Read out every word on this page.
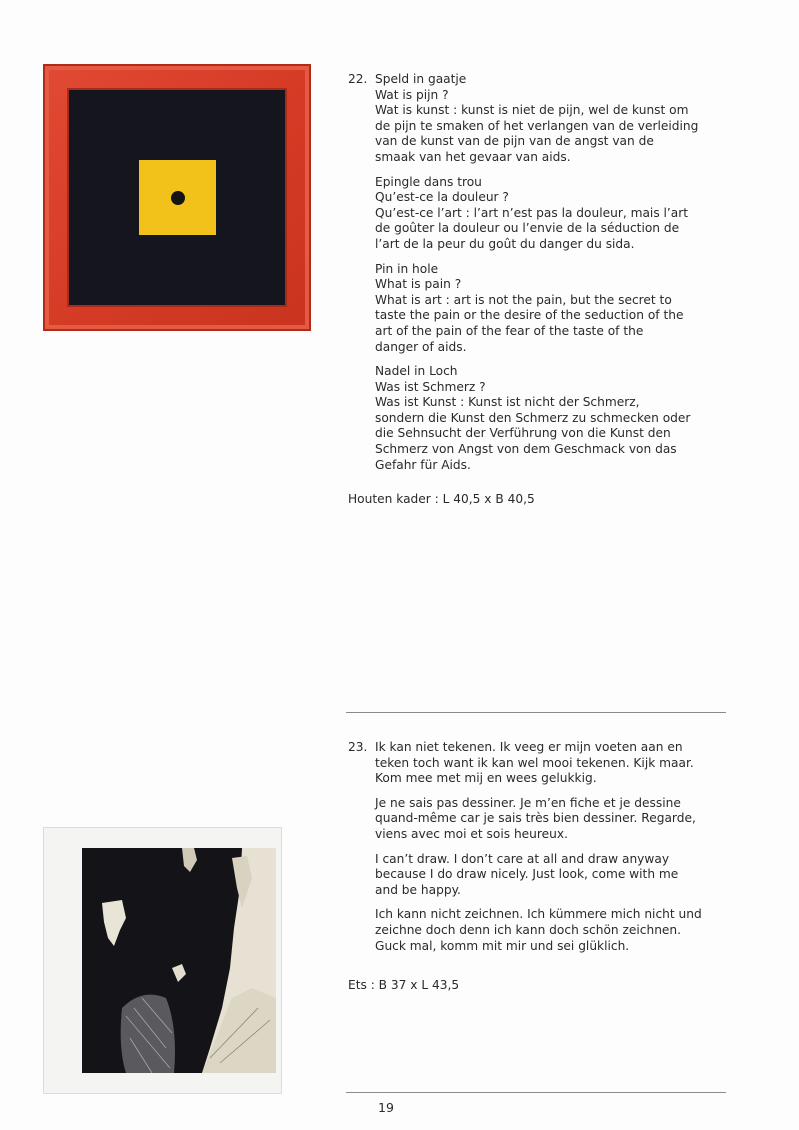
22. Speld in gaatje
Wat is pijn ?
Wat is kunst : kunst is niet de pijn, wel de kunst om
de pijn te smaken of het verlangen van de verleiding
van de kunst van de pijn van de angst van de
smaak van het gevaar van aids.
Epingle dans trou
Qu’est-ce la douleur ?
Qu’est-ce l’art : l’art n’est pas la douleur, mais l’art
de goûter la douleur ou l’envie de la séduction de
l’art de la peur du goût du danger du sida.
Pin in hole
What is pain ?
What is art : art is not the pain, but the secret to
taste the pain or the desire of the seduction of the
art of the pain of the fear of the taste of the
danger of aids.
Nadel in Loch
Was ist Schmerz ?
Was ist Kunst : Kunst ist nicht der Schmerz,
sondern die Kunst den Schmerz zu schmecken oder
die Sehnsucht der Verführung von die Kunst den
Schmerz von Angst von dem Geschmack von das
Gefahr für Aids.
Houten kader : L 40,5 x B 40,5
23. Ik kan niet tekenen. Ik veeg er mijn voeten aan en
teken toch want ik kan wel mooi tekenen. Kijk maar.
Kom mee met mij en wees gelukkig.
Je ne sais pas dessiner. Je m’en fiche et je dessine
quand-même car je sais très bien dessiner. Regarde,
viens avec moi et sois heureux.
I can’t draw. I don’t care at all and draw anyway
because I do draw nicely. Just look, come with me
and be happy.
Ich kann nicht zeichnen. Ich kümmere mich nicht und
zeichne doch denn ich kann doch schön zeichnen.
Guck mal, komm mit mir und sei glüklich.
Ets : B 37 x L 43,5
19
